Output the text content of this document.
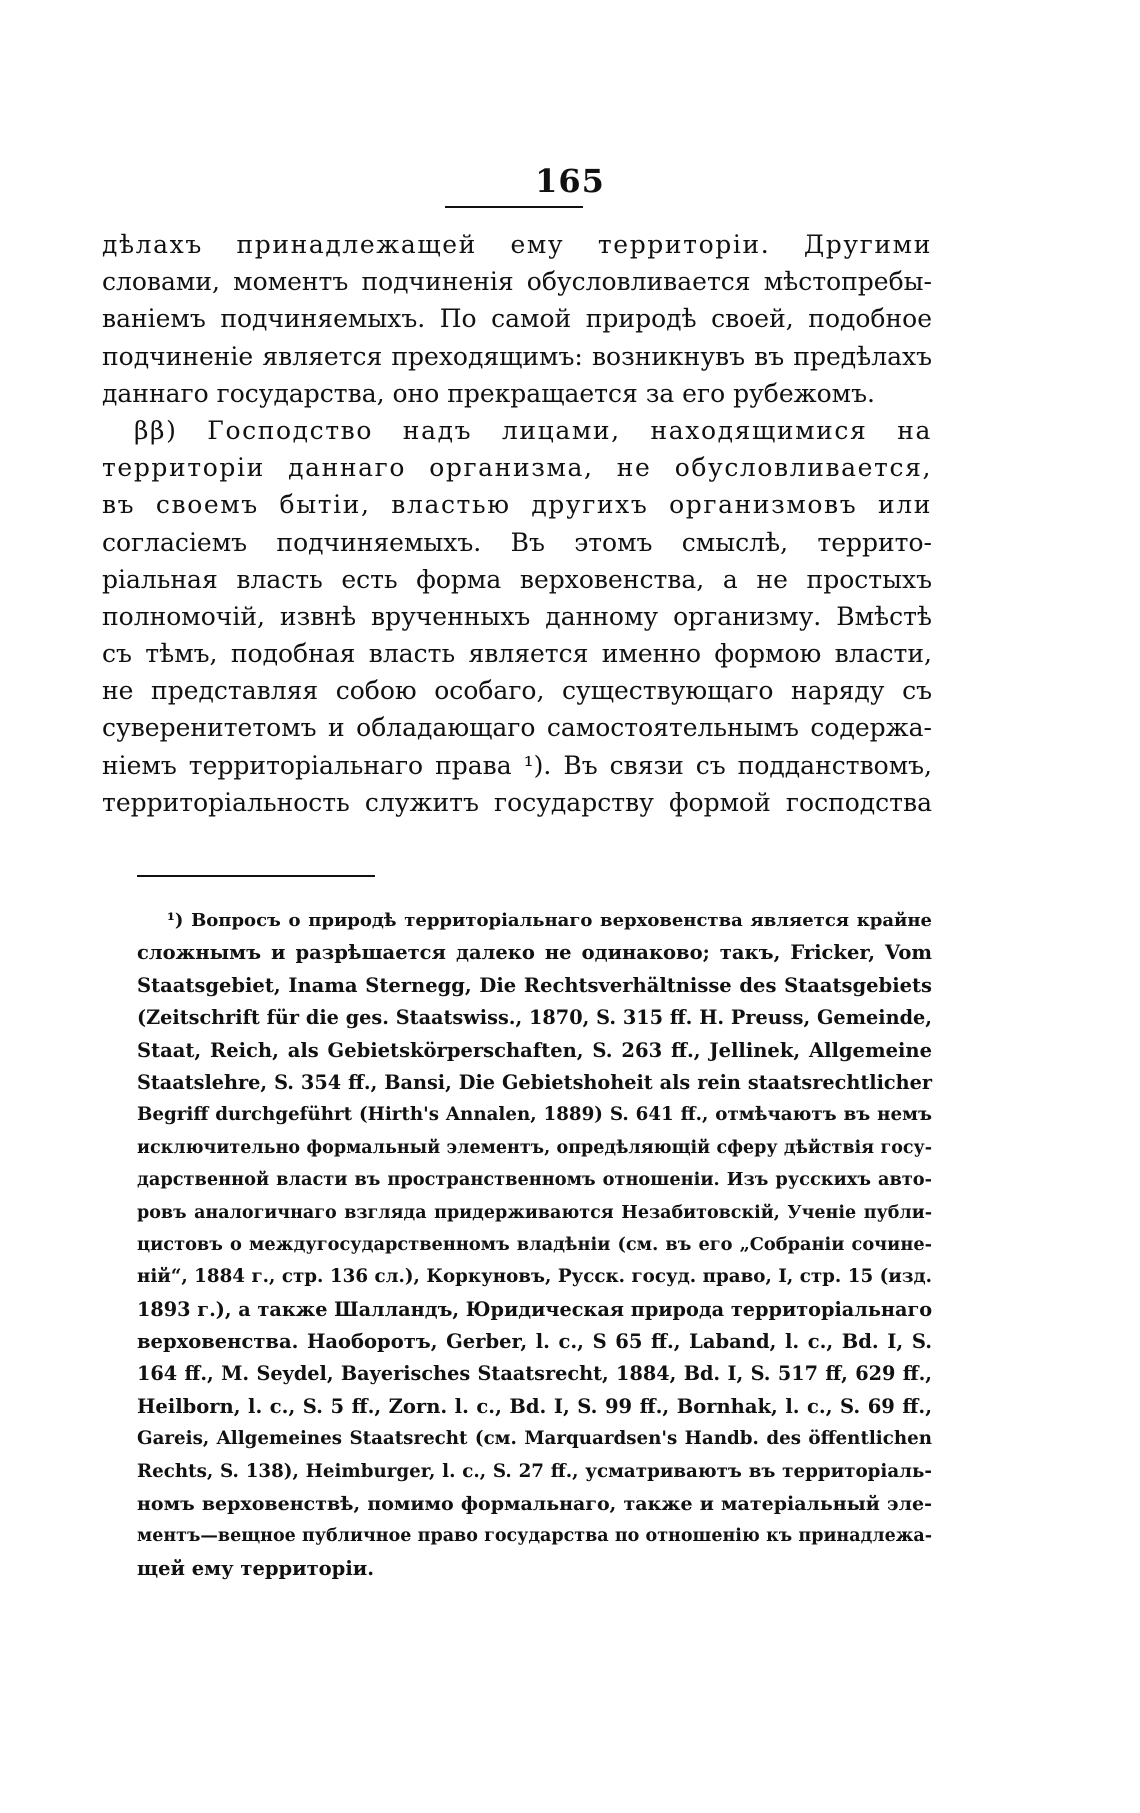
165
дѣлахъ принадлежащей ему территоріи. Другими
словами, моментъ подчиненія обусловливается мѣстопребы-
ваніемъ подчиняемыхъ. По самой природѣ своей, подобное
подчиненіе является преходящимъ: возникнувъ въ предѣлахъ
даннаго государства, оно прекращается за его рубежомъ.
ββ) Господство надъ лицами, находящимися на
территоріи даннаго организма, не обусловливается,
въ своемъ бытіи, властью другихъ организмовъ или
согласіемъ подчиняемыхъ. Въ этомъ смыслѣ, террито-
ріальная власть есть форма верховенства, а не простыхъ
полномочій, извнѣ врученныхъ данному организму. Вмѣстѣ
съ тѣмъ, подобная власть является именно формою власти,
не представляя собою особаго, существующаго наряду съ
суверенитетомъ и обладающаго самостоятельнымъ содержа-
ніемъ территоріальнаго права ¹). Въ связи съ подданствомъ,
территоріальность служитъ государству формой господства
¹) Вопросъ о природѣ территоріальнаго верховенства является крайне
сложнымъ и разрѣшается далеко не одинаково; такъ, Fricker, Vom
Staatsgebiet, Inama Sternegg, Die Rechtsverhältnisse des Staatsgebiets
(Zeitschrift für die ges. Staatswiss., 1870, S. 315 ff. H. Preuss, Gemeinde,
Staat, Reich, als Gebietskörperschaften, S. 263 ff., Jellinek, Allgemeine
Staatslehre, S. 354 ff., Bansi, Die Gebietshoheit als rein staatsrechtlicher
Begriff durchgeführt (Hirth's Annalen, 1889) S. 641 ff., отмѣчаютъ въ немъ
исключительно формальный элементъ, опредѣляющій сферу дѣйствія госу-
дарственной власти въ пространственномъ отношеніи. Изъ русскихъ авто-
ровъ аналогичнаго взгляда придерживаются Незабитовскій, Ученіе публи-
цистовъ о междугосударственномъ владѣніи (см. въ его „Собраніи сочине-
ній“, 1884 г., стр. 136 сл.), Коркуновъ, Русск. госуд. право, I, стр. 15 (изд.
1893 г.), а также Шалландъ, Юридическая природа территоріальнаго
верховенства. Наоборотъ, Gerber, l. c., S 65 ff., Laband, l. c., Bd. I, S.
164 ff., M. Seydel, Bayerisches Staatsrecht, 1884, Bd. I, S. 517 ff, 629 ff.,
Heilborn, l. c., S. 5 ff., Zorn. l. c., Bd. I, S. 99 ff., Bornhak, l. c., S. 69 ff.,
Gareis, Allgemeines Staatsrecht (см. Marquardsen's Handb. des öffentlichen
Rechts, S. 138), Heimburger, l. c., S. 27 ff., усматриваютъ въ территоріаль-
номъ верховенствѣ, помимо формальнаго, также и матеріальный эле-
ментъ—вещное публичное право государства по отношенію къ принадлежа-
щей ему территоріи.
